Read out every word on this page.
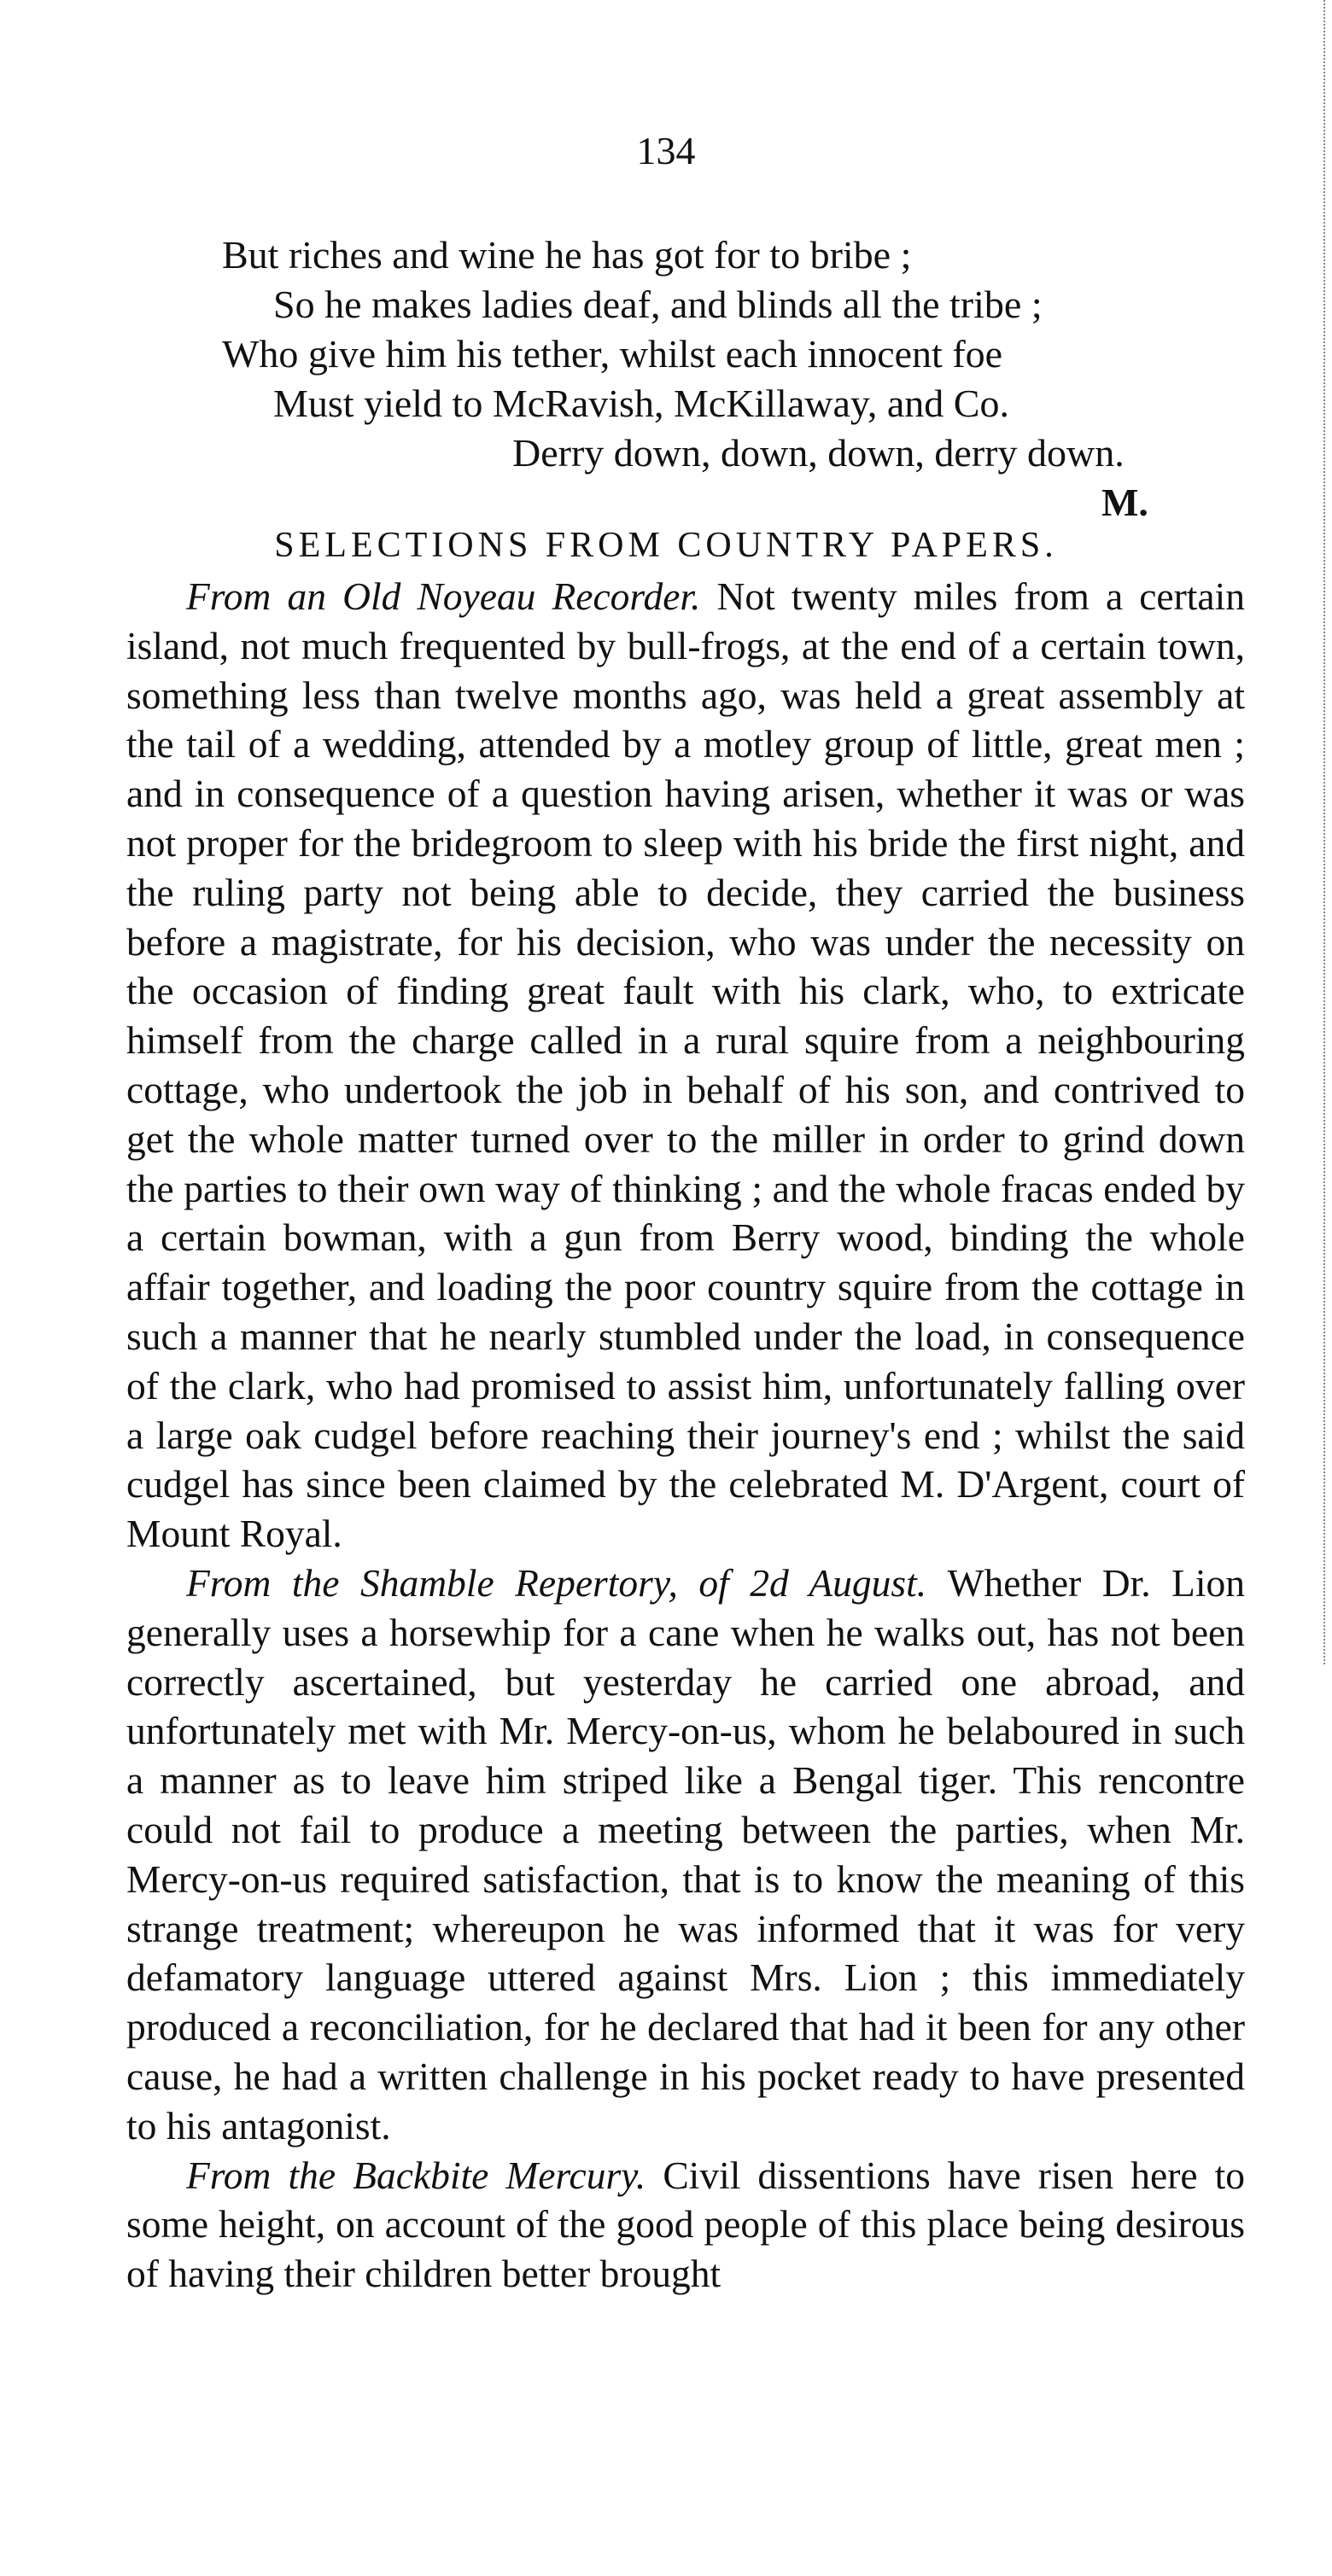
134
But riches and wine he has got for to bribe ;
So he makes ladies deaf, and blinds all the tribe ;
Who give him his tether, whilst each innocent foe
Must yield to McRavish, McKillaway, and Co.
Derry down, down, down, derry down.
M.
SELECTIONS FROM COUNTRY PAPERS.

From an Old Noyeau Recorder. Not twenty miles from a certain island, not much frequented by bull-frogs, at the end of a certain town, something less than twelve months ago, was held a great assembly at the tail of a wedding, attended by a motley group of little, great men ; and in consequence of a question having arisen, whether it was or was not proper for the bridegroom to sleep with his bride the first night, and the ruling party not being able to decide, they carried the business before a magistrate, for his decision, who was under the necessity on the occasion of finding great fault with his clark, who, to extricate himself from the charge called in a rural squire from a neighbouring cottage, who undertook the job in behalf of his son, and contrived to get the whole matter turned over to the miller in order to grind down the parties to their own way of thinking ; and the whole fracas ended by a certain bowman, with a gun from Berry wood, binding the whole affair together, and loading the poor country squire from the cottage in such a manner that he nearly stumbled under the load, in consequence of the clark, who had promised to assist him, unfortunately falling over a large oak cudgel before reaching their journey's end ; whilst the said cudgel has since been claimed by the celebrated M. D'Argent, court of Mount Royal.

From the Shamble Repertory, of 2d August. Whether Dr. Lion generally uses a horsewhip for a cane when he walks out, has not been correctly ascertained, but yesterday he carried one abroad, and unfortunately met with Mr. Mercy-on-us, whom he belaboured in such a manner as to leave him striped like a Bengal tiger. This rencontre could not fail to produce a meeting between the parties, when Mr. Mercy-on-us required satisfaction, that is to know the meaning of this strange treatment; whereupon he was informed that it was for very defamatory language uttered against Mrs. Lion ; this immediately produced a reconciliation, for he declared that had it been for any other cause, he had a written challenge in his pocket ready to have presented to his antagonist.

From the Backbite Mercury. Civil dissentions have risen here to some height, on account of the good people of this place being desirous of having their children better brought
